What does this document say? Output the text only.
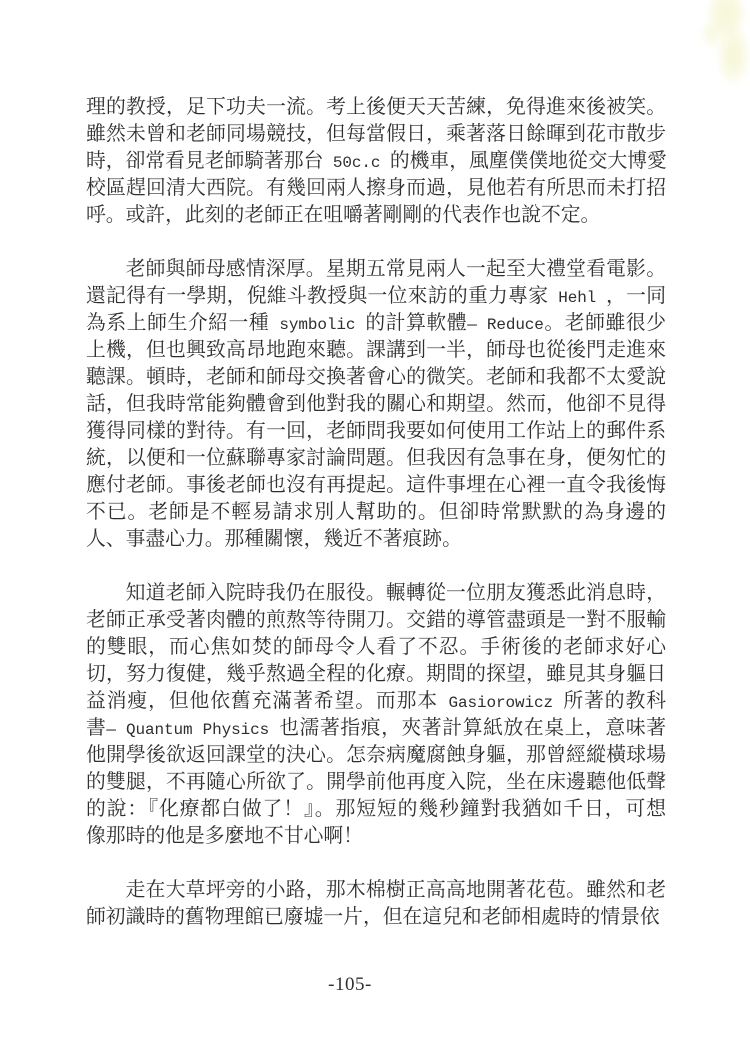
理的教授，足下功夫一流。考上後便天天苦練，免得進來後被笑。
雖然未曾和老師同場競技，但每當假日，乘著落日餘暉到花市散步
時，卻常看見老師騎著那台 50c.c 的機車，風塵僕僕地從交大博愛
校區趕回清大西院。有幾回兩人擦身而過，見他若有所思而未打招
呼。或許，此刻的老師正在咀嚼著剛剛的代表作也說不定。
老師與師母感情深厚。星期五常見兩人一起至大禮堂看電影。
還記得有一學期，倪維斗教授與一位來訪的重力專家 Hehl ，一同
為系上師生介紹一種 symbolic 的計算軟體— Reduce。老師雖很少
上機，但也興致高昂地跑來聽。課講到一半，師母也從後門走進來
聽課。頓時，老師和師母交換著會心的微笑。老師和我都不太愛說
話，但我時常能夠體會到他對我的關心和期望。然而，他卻不見得
獲得同樣的對待。有一回，老師問我要如何使用工作站上的郵件系
統，以便和一位蘇聯專家討論問題。但我因有急事在身，便匆忙的
應付老師。事後老師也沒有再提起。這件事埋在心裡一直令我後悔
不已。老師是不輕易請求別人幫助的。但卻時常默默的為身邊的
人、事盡心力。那種關懷，幾近不著痕跡。
知道老師入院時我仍在服役。輾轉從一位朋友獲悉此消息時，
老師正承受著肉體的煎熬等待開刀。交錯的導管盡頭是一對不服輸
的雙眼，而心焦如焚的師母令人看了不忍。手術後的老師求好心
切，努力復健，幾乎熬過全程的化療。期間的探望，雖見其身軀日
益消瘦，但他依舊充滿著希望。而那本 Gasiorowicz 所著的教科
書— Quantum Physics 也濡著指痕，夾著計算紙放在桌上，意味著
他開學後欲返回課堂的決心。怎奈病魔腐蝕身軀，那曾經縱橫球場
的雙腿，不再隨心所欲了。開學前他再度入院，坐在床邊聽他低聲
的說：『化療都白做了！』。那短短的幾秒鐘對我猶如千日，可想
像那時的他是多麼地不甘心啊！
走在大草坪旁的小路，那木棉樹正高高地開著花苞。雖然和老
師初識時的舊物理館已廢墟一片，但在這兒和老師相處時的情景依
-105-
